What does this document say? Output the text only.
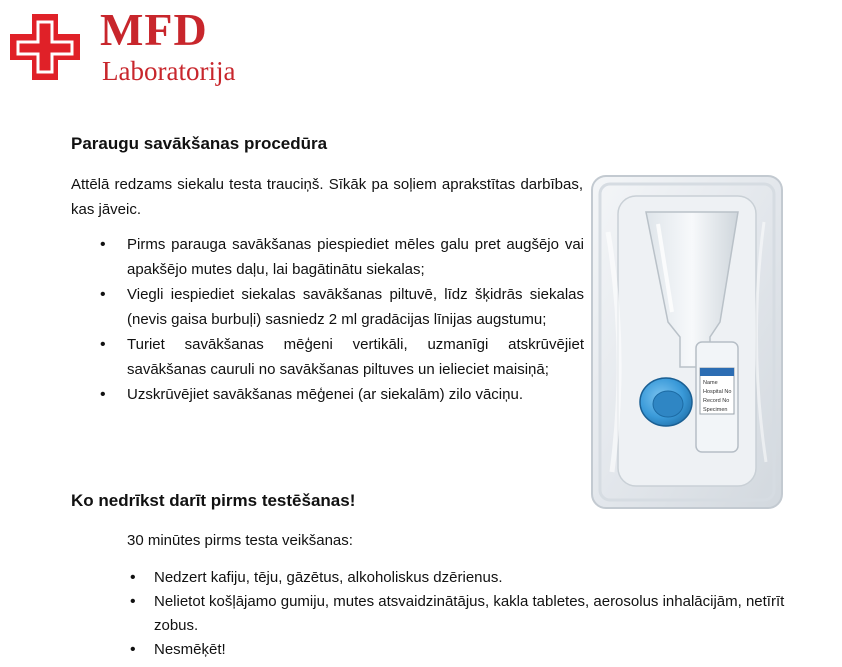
MFD
Laboratorija
Paraugu savākšanas procedūra

Attēlā redzams siekalu testa trauciņš. Sīkāk pa soļiem aprakstītas darbības, kas jāveic.

• Pirms parauga savākšanas piespiediet mēles galu pret augšējo vai apakšējo mutes daļu, lai bagātinātu siekalas;
• Viegli iespiediet siekalas savākšanas piltuvē, līdz šķidrās siekalas (nevis gaisa burbuļi) sasniedz 2 ml gradācijas līnijas augstumu;
• Turiet savākšanas mēģeni vertikāli, uzmanīgi atskrūvējiet savākšanas cauruli no savākšanas piltuves un ielieciet maisiņā;
• Uzskrūvējiet savākšanas mēģenei (ar siekalām) zilo vāciņu.
Name
Hospital No
Record No
Specimen
Ko nedrīkst darīt pirms testēšanas!

30 minūtes pirms testa veikšanas:

• Nedzert kafiju, tēju, gāzētus, alkoholiskus dzērienus.
• Nelietot košļājamo gumiju, mutes atsvaidzinātājus, kakla tabletes, aerosolus inhalācijām, netīrīt zobus.
• Nesmēķēt!
